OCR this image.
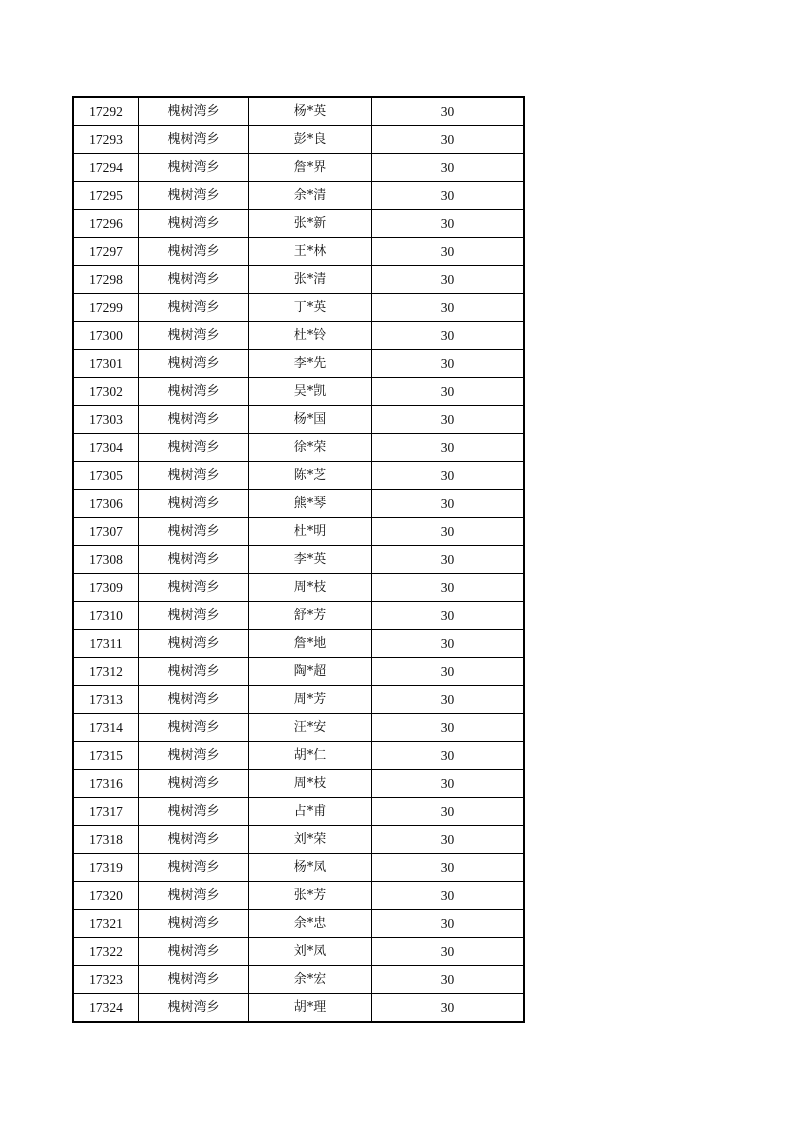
17292	槐树湾乡	杨*英	30
17293	槐树湾乡	彭*良	30
17294	槐树湾乡	詹*界	30
17295	槐树湾乡	余*清	30
17296	槐树湾乡	张*新	30
17297	槐树湾乡	王*林	30
17298	槐树湾乡	张*清	30
17299	槐树湾乡	丁*英	30
17300	槐树湾乡	杜*铃	30
17301	槐树湾乡	李*先	30
17302	槐树湾乡	吴*凯	30
17303	槐树湾乡	杨*国	30
17304	槐树湾乡	徐*荣	30
17305	槐树湾乡	陈*芝	30
17306	槐树湾乡	熊*琴	30
17307	槐树湾乡	杜*明	30
17308	槐树湾乡	李*英	30
17309	槐树湾乡	周*枝	30
17310	槐树湾乡	舒*芳	30
17311	槐树湾乡	詹*地	30
17312	槐树湾乡	陶*超	30
17313	槐树湾乡	周*芳	30
17314	槐树湾乡	汪*安	30
17315	槐树湾乡	胡*仁	30
17316	槐树湾乡	周*枝	30
17317	槐树湾乡	占*甫	30
17318	槐树湾乡	刘*荣	30
17319	槐树湾乡	杨*凤	30
17320	槐树湾乡	张*芳	30
17321	槐树湾乡	余*忠	30
17322	槐树湾乡	刘*凤	30
17323	槐树湾乡	余*宏	30
17324	槐树湾乡	胡*理	30
